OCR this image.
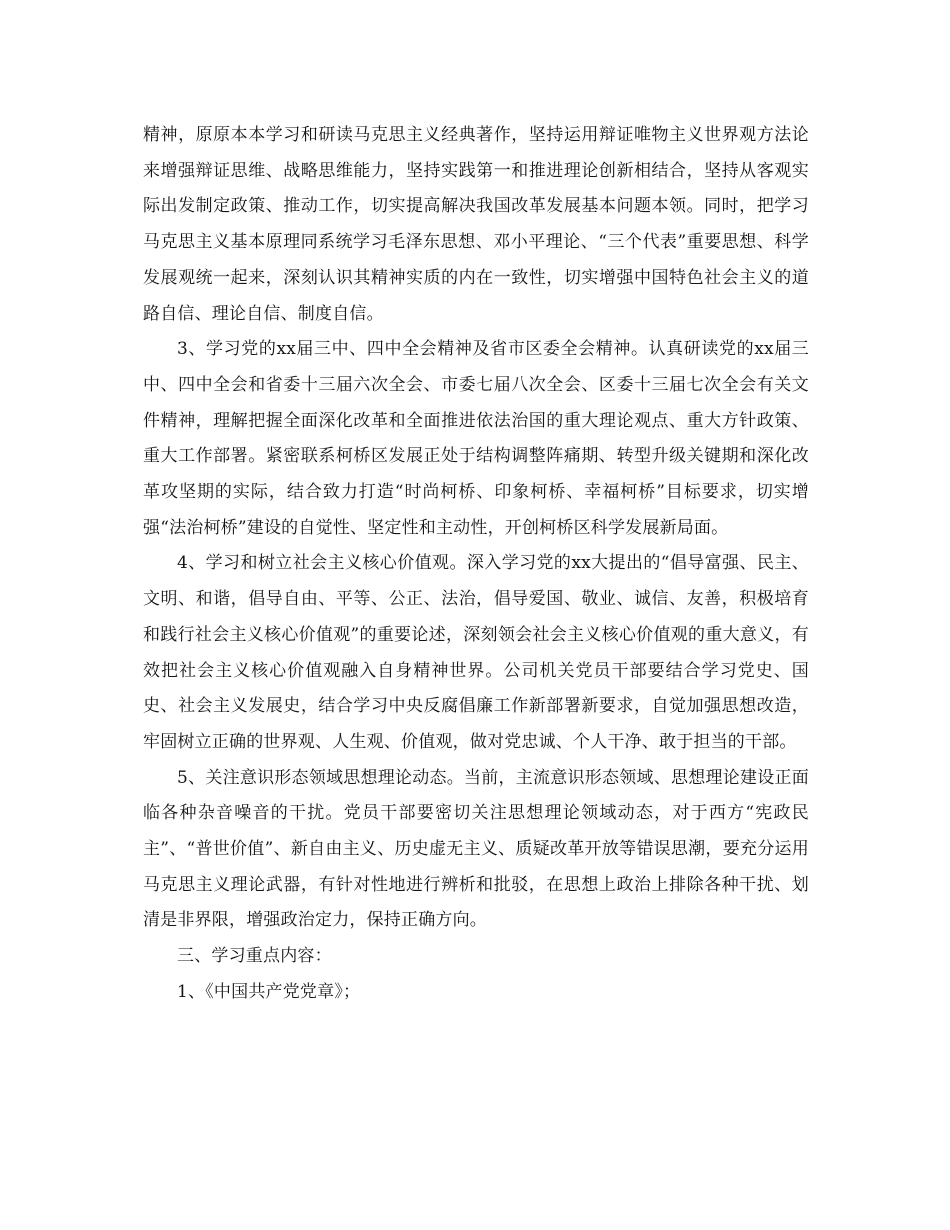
精神，原原本本学习和研读马克思主义经典著作，坚持运用辩证唯物主义世界观方法论来增强辩证思维、战略思维能力，坚持实践第一和推进理论创新相结合，坚持从客观实际出发制定政策、推动工作，切实提高解决我国改革发展基本问题本领。同时，把学习马克思主义基本原理同系统学习毛泽东思想、邓小平理论、“三个代表”重要思想、科学发展观统一起来，深刻认识其精神实质的内在一致性，切实增强中国特色社会主义的道路自信、理论自信、制度自信。

3、学习党的xx届三中、四中全会精神及省市区委全会精神。认真研读党的xx届三中、四中全会和省委十三届六次全会、市委七届八次全会、区委十三届七次全会有关文件精神，理解把握全面深化改革和全面推进依法治国的重大理论观点、重大方针政策、重大工作部署。紧密联系柯桥区发展正处于结构调整阵痛期、转型升级关键期和深化改革攻坚期的实际，结合致力打造“时尚柯桥、印象柯桥、幸福柯桥”目标要求，切实增强“法治柯桥”建设的自觉性、坚定性和主动性，开创柯桥区科学发展新局面。

4、学习和树立社会主义核心价值观。深入学习党的xx大提出的“倡导富强、民主、文明、和谐，倡导自由、平等、公正、法治，倡导爱国、敬业、诚信、友善，积极培育和践行社会主义核心价值观”的重要论述，深刻领会社会主义核心价值观的重大意义，有效把社会主义核心价值观融入自身精神世界。公司机关党员干部要结合学习党史、国史、社会主义发展史，结合学习中央反腐倡廉工作新部署新要求，自觉加强思想改造，牢固树立正确的世界观、人生观、价值观，做对党忠诚、个人干净、敢于担当的干部。

5、关注意识形态领域思想理论动态。当前，主流意识形态领域、思想理论建设正面临各种杂音噪音的干扰。党员干部要密切关注思想理论领域动态，对于西方“宪政民主”、“普世价值”、新自由主义、历史虚无主义、质疑改革开放等错误思潮，要充分运用马克思主义理论武器，有针对性地进行辨析和批驳，在思想上政治上排除各种干扰、划清是非界限，增强政治定力，保持正确方向。

三、学习重点内容：

1、《中国共产党党章》；
